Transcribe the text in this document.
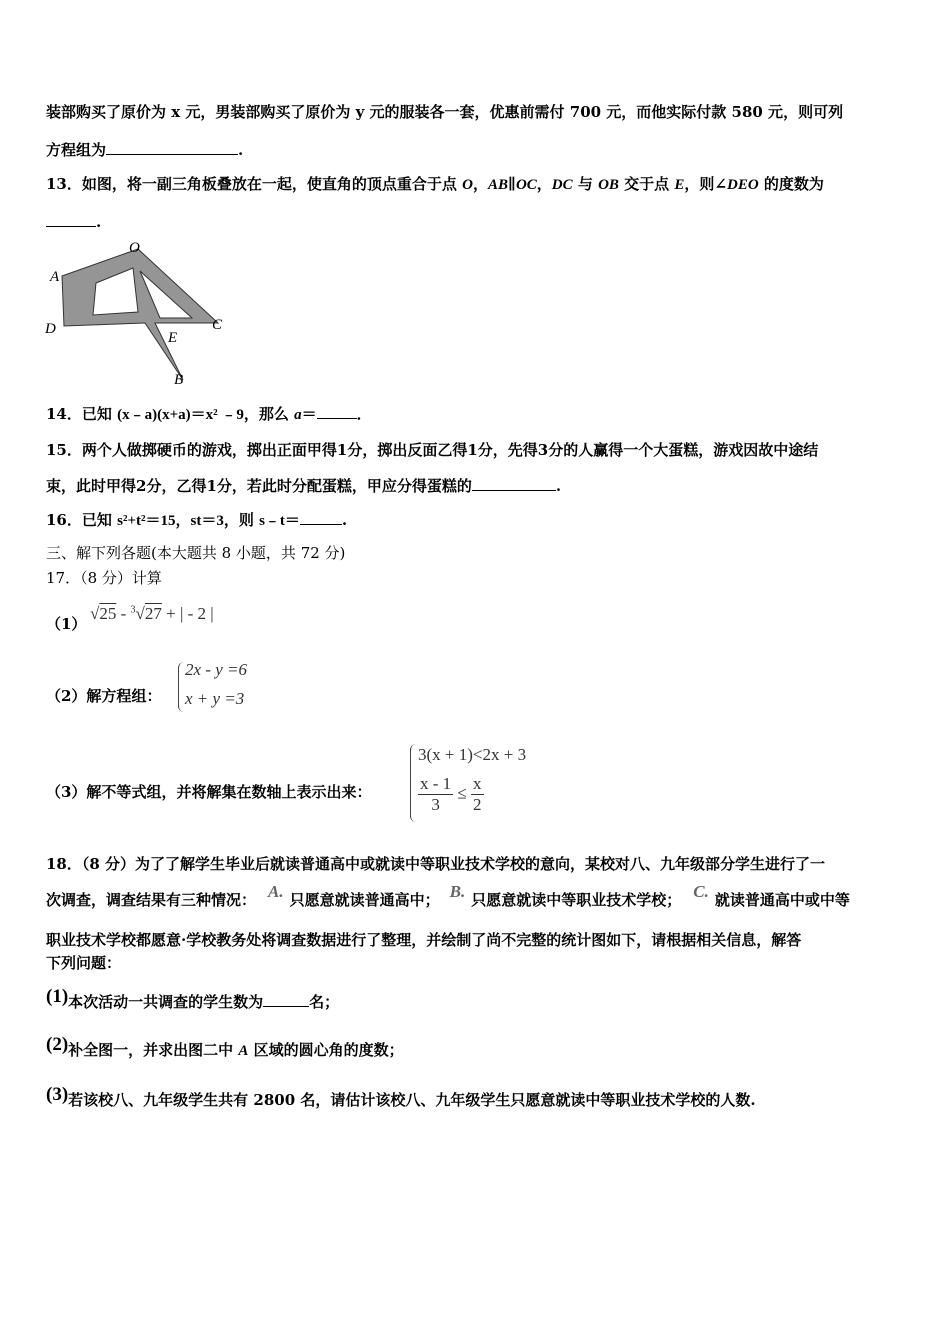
装部购买了原价为 x 元，男装部购买了原价为 y 元的服装各一套，优惠前需付 700 元，而他实际付款 580 元，则可列
方程组为	.
13．如图，将一副三角板叠放在一起，使直角的顶点重合于点 O，AB∥OC，DC 与 OB 交于点 E，则∠DEO 的度数为
.
A
O
D	C
E
B
14．已知 (x﹣a)(x+a)＝x² ﹣9，那么 a＝	．
15．两个人做掷硬币的游戏，掷出正面甲得1分，掷出反面乙得1分，先得3分的人赢得一个大蛋糕，游戏因故中途结
束，此时甲得2分，乙得1分，若此时分配蛋糕，甲应分得蛋糕的	.
16．已知 s²+t²＝15，st＝3，则 s﹣t＝	.
三、解下列各题(本大题共 8 小题，共 72 分)
17．（8 分）计算
（1）
√25 - $^3$√27 + | - 2 |
（2）解方程组：
2x - y =6
x + y =3
（3）解不等式组，并将解集在数轴上表示出来：
3(x + 1)<2x + 3
$\frac{x - 1}{3} \le \frac{x}{2}$
18．（8 分）为了了解学生毕业后就读普通高中或就读中等职业技术学校的意向，某校对八、九年级部分学生进行了一
次调查，调查结果有三种情况： A. 只愿意就读普通高中； B. 只愿意就读中等职业技术学校； C. 就读普通高中或中等
职业技术学校都愿意·学校教务处将调查数据进行了整理，并绘制了尚不完整的统计图如下，请根据相关信息，解答
下列问题：
(1)本次活动一共调查的学生数为	名；
(2)补全图一，并求出图二中 A 区域的圆心角的度数；
(3)若该校八、九年级学生共有 2800 名，请估计该校八、九年级学生只愿意就读中等职业技术学校的人数.
